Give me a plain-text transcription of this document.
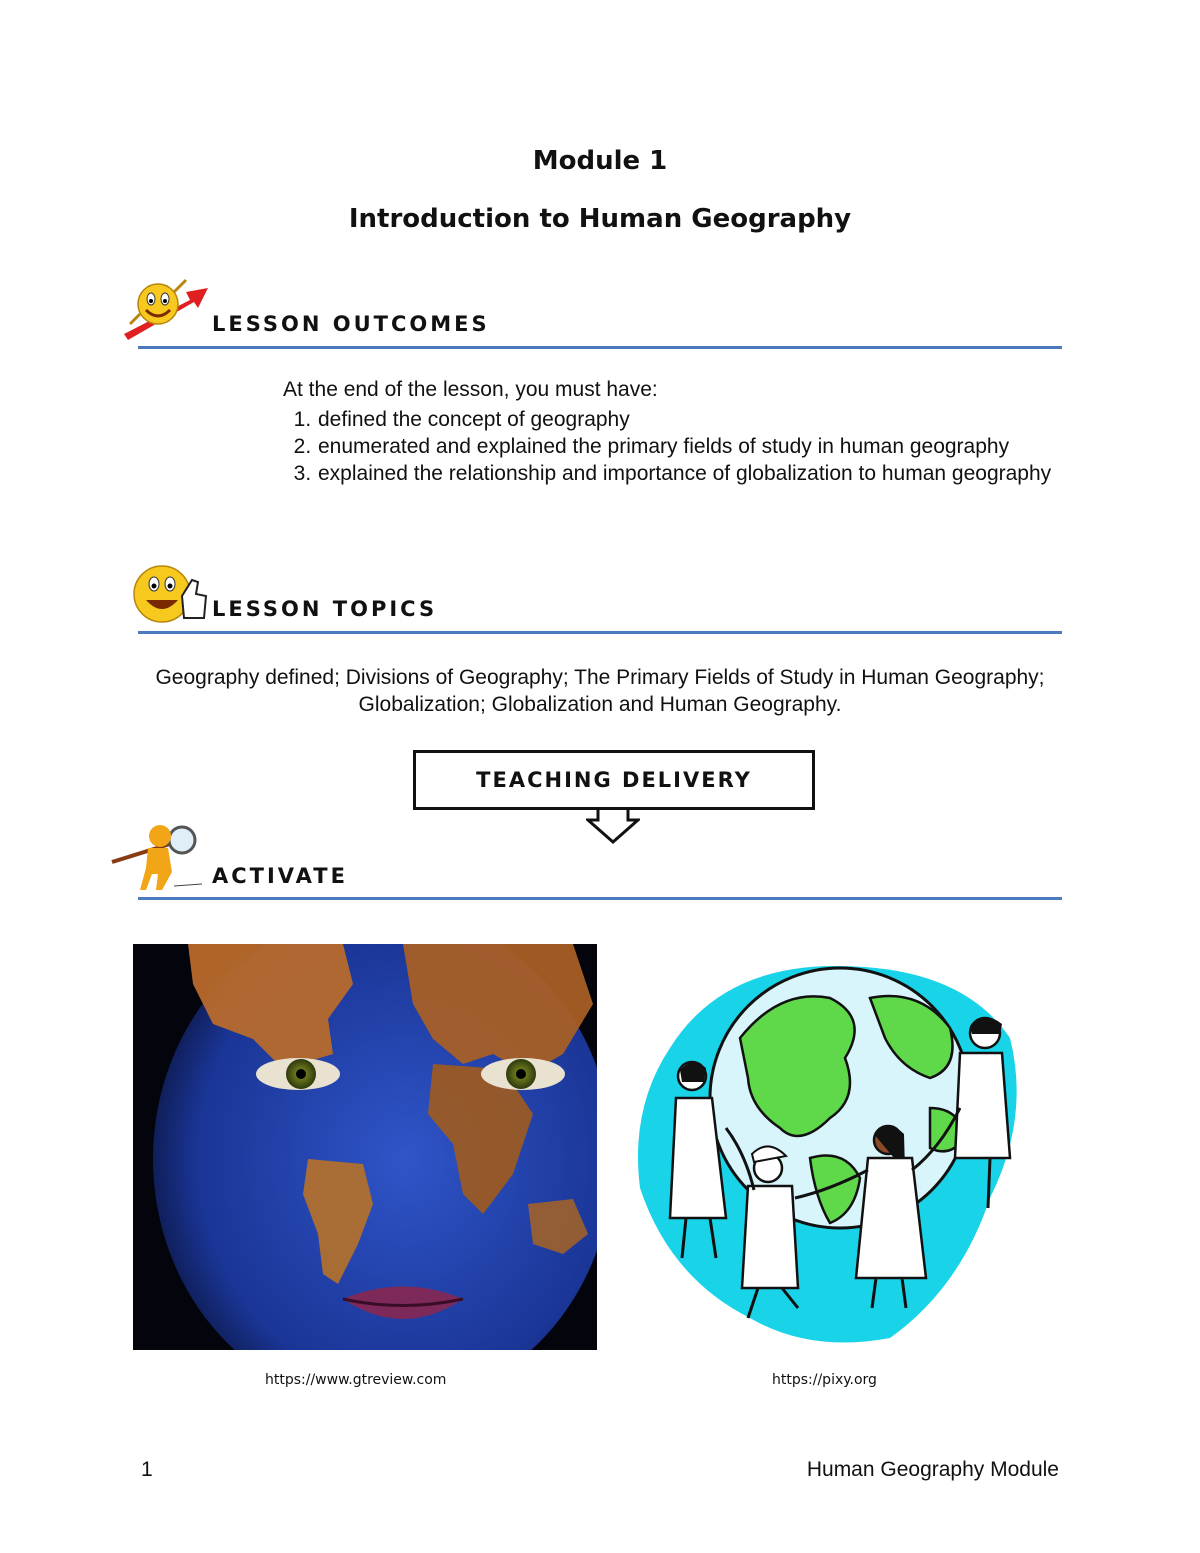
Module 1
Introduction to Human Geography
LESSON OUTCOMES
At the end of the lesson, you must have:
1. defined the concept of geography
2. enumerated and explained the primary fields of study in human geography
3. explained the relationship and importance of globalization to human geography
LESSON TOPICS
Geography defined; Divisions of Geography; The Primary Fields of Study in Human Geography; Globalization; Globalization and Human Geography.
TEACHING DELIVERY
ACTIVATE
https://www.gtreview.com	https://pixy.org
1	Human Geography Module
